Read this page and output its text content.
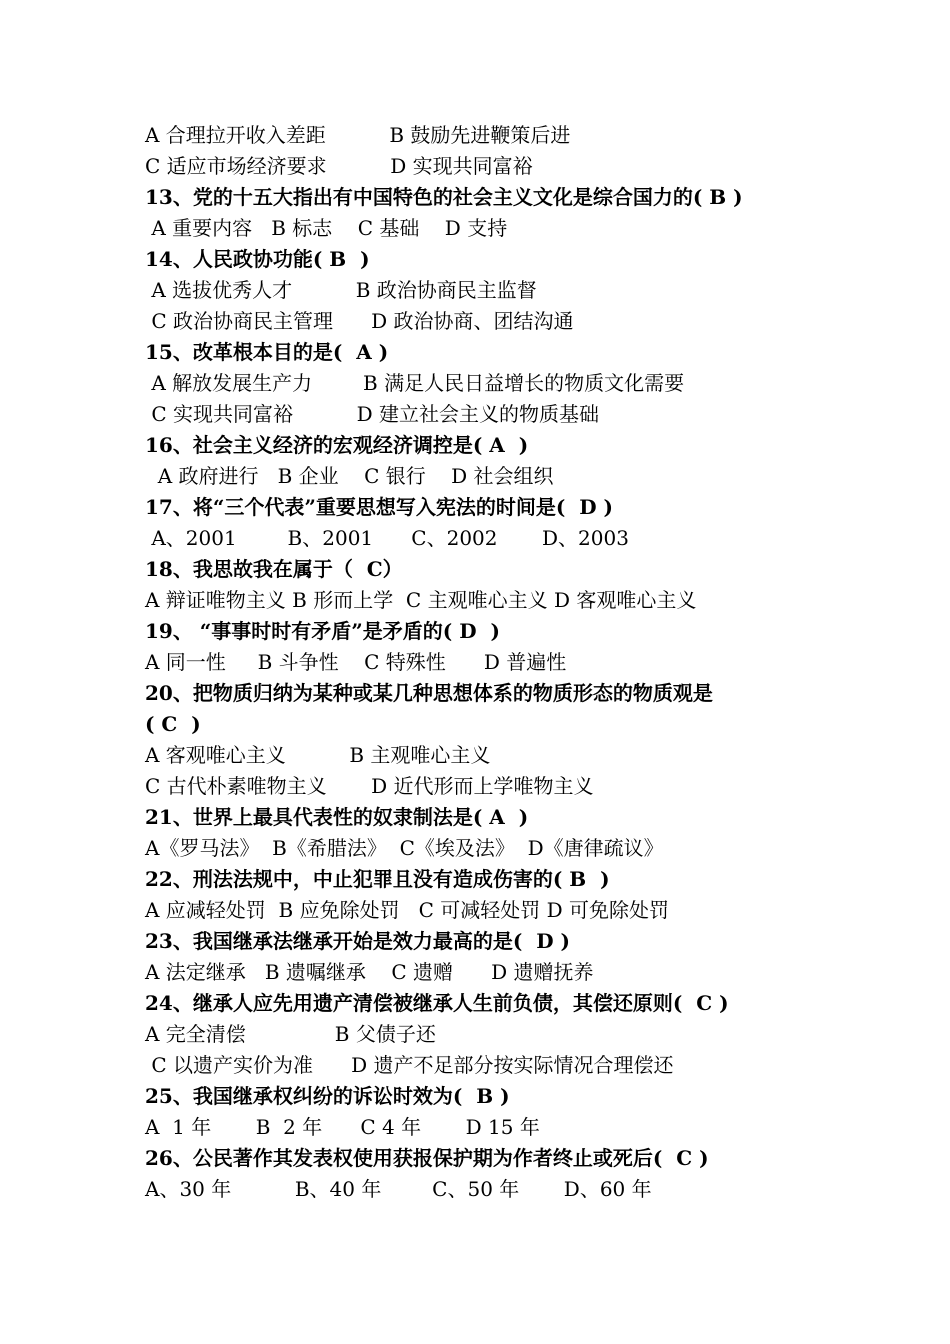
A 合理拉开收入差距          B 鼓励先进鞭策后进
C 适应市场经济要求          D 实现共同富裕
13、党的十五大指出有中国特色的社会主义文化是综合国力的( B )
A 重要内容   B 标志    C 基础    D 支持
14、人民政协功能( B  )
A 选拔优秀人才          B 政治协商民主监督
C 政治协商民主管理      D 政治协商、团结沟通
15、改革根本目的是(  A )
A 解放发展生产力        B 满足人民日益增长的物质文化需要
C 实现共同富裕          D 建立社会主义的物质基础
16、社会主义经济的宏观经济调控是( A  )
A 政府进行   B 企业    C 银行    D 社会组织
17、将“三个代表”重要思想写入宪法的时间是(  D )
A、2001        B、2001      C、2002       D、2003
18、我思故我在属于（  C）
A 辩证唯物主义 B 形而上学  C 主观唯心主义 D 客观唯心主义
19、 “事事时时有矛盾”是矛盾的( D  )
A 同一性     B 斗争性    C 特殊性      D 普遍性
20、把物质归纳为某种或某几种思想体系的物质形态的物质观是
( C  )
A 客观唯心主义          B 主观唯心主义
C 古代朴素唯物主义       D 近代形而上学唯物主义
21、世界上最具代表性的奴隶制法是( A  )
A《罗马法》  B《希腊法》  C《埃及法》  D《唐律疏议》
22、刑法法规中，中止犯罪且没有造成伤害的( B  )
A 应减轻处罚  B 应免除处罚   C 可减轻处罚 D 可免除处罚
23、我国继承法继承开始是效力最高的是(  D )
A 法定继承   B 遗嘱继承    C 遗赠      D 遗赠抚养
24、继承人应先用遗产清偿被继承人生前负债，其偿还原则(  C )
A 完全清偿              B 父债子还
C 以遗产实价为准      D 遗产不足部分按实际情况合理偿还
25、我国继承权纠纷的诉讼时效为(  B )
A  1 年       B  2 年      C 4 年       D 15 年
26、公民著作其发表权使用获报保护期为作者终止或死后(  C )
A、30 年          B、40 年        C、50 年       D、60 年
